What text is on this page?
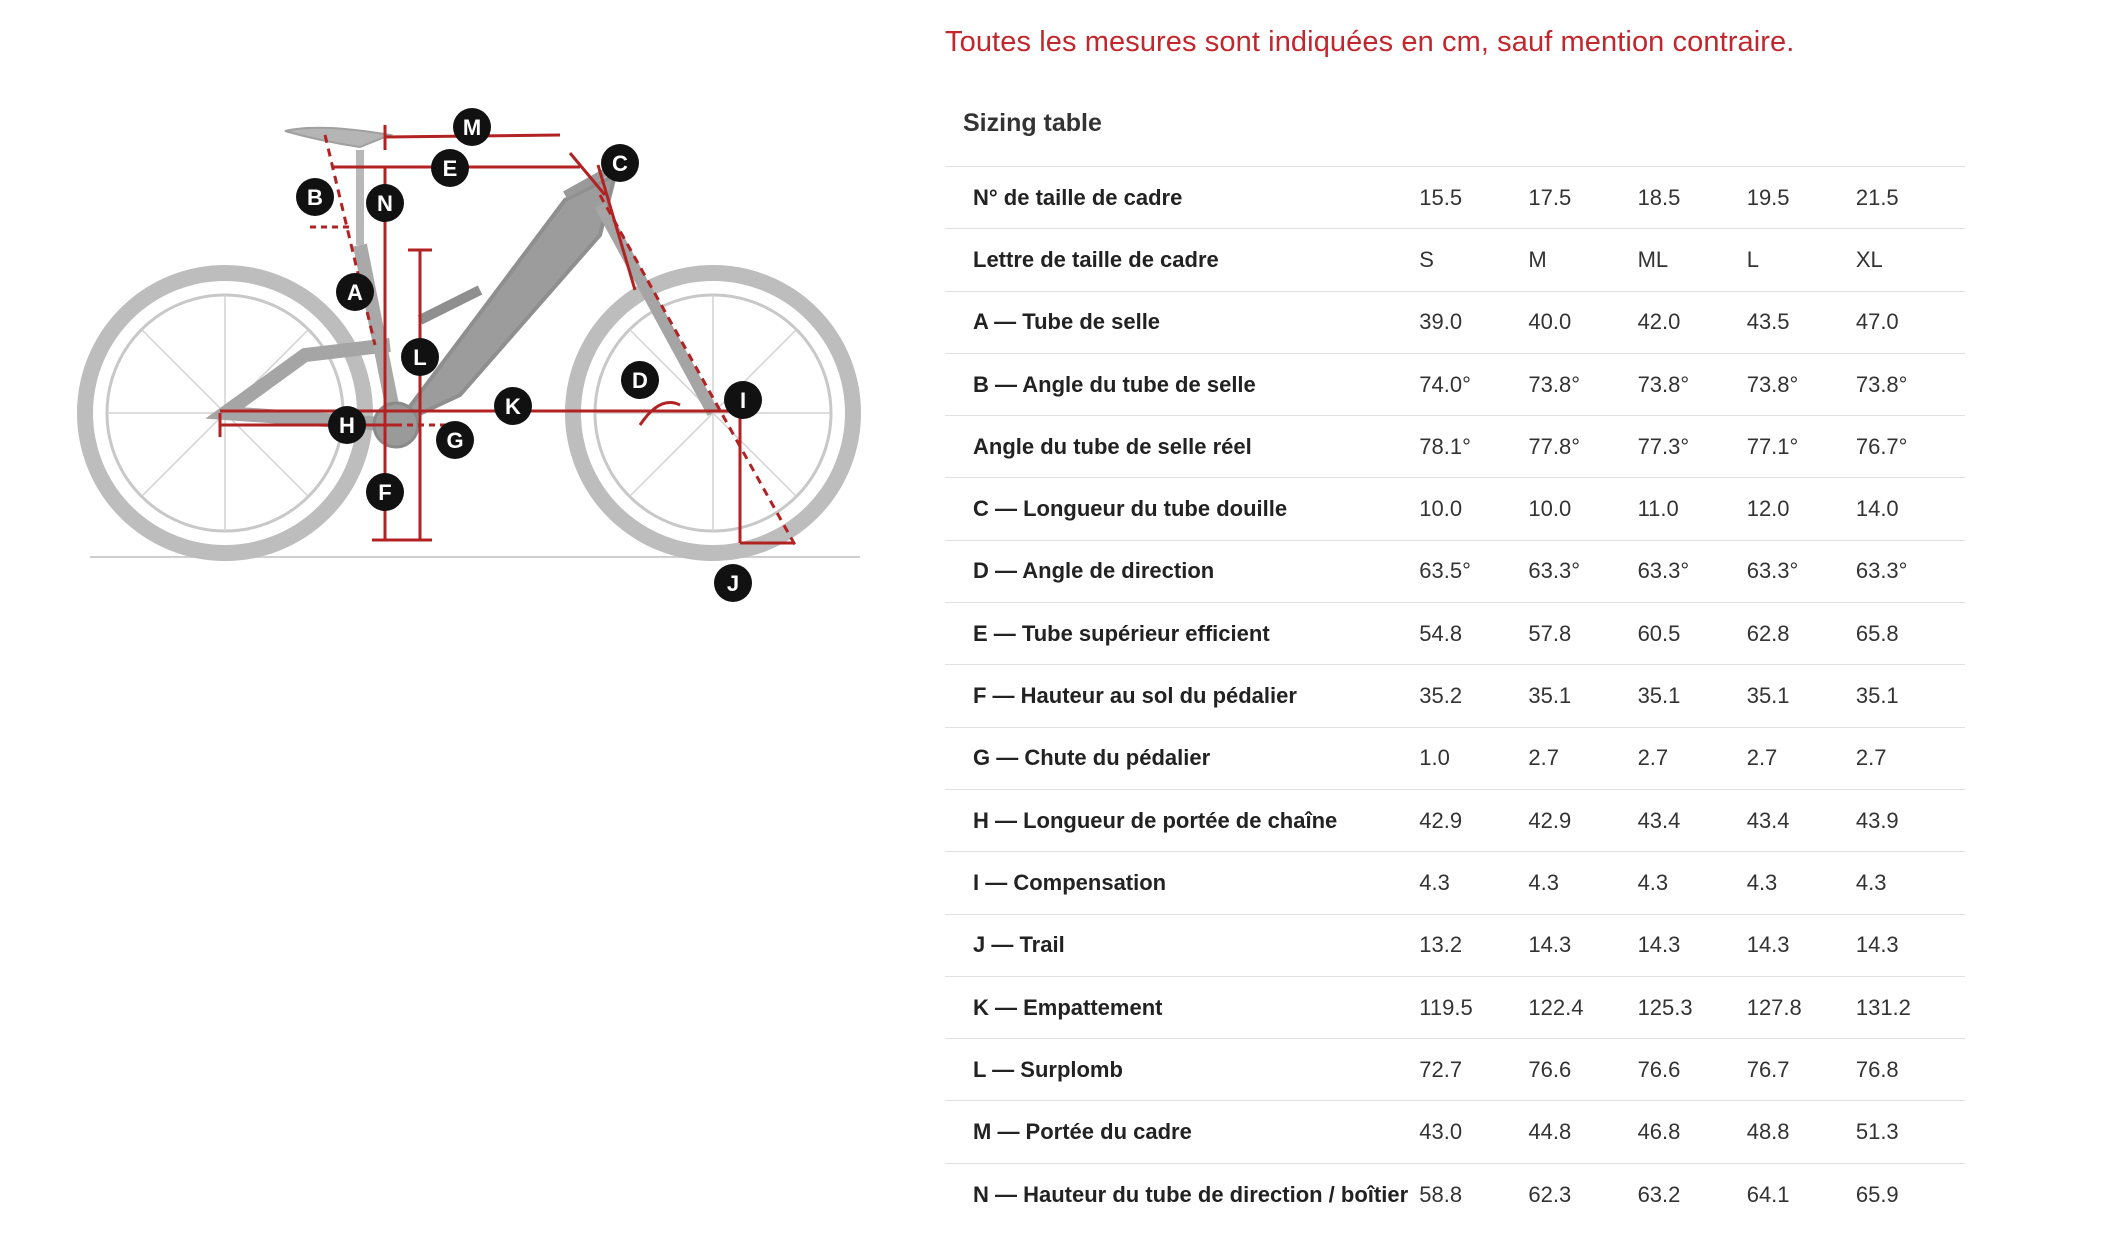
M
E	C
B N
A
L
D
I
K
H
G
F
J
Toutes les mesures sont indiquées en cm, sauf mention contraire.
Sizing table
N° de taille de cadre	15.5	17.5	18.5	19.5	21.5
Lettre de taille de cadre	S	M	ML	L	XL
A — Tube de selle	39.0	40.0	42.0	43.5	47.0
B — Angle du tube de selle	74.0°	73.8°	73.8°	73.8°	73.8°
Angle du tube de selle réel	78.1°	77.8°	77.3°	77.1°	76.7°
C — Longueur du tube douille	10.0	10.0	11.0	12.0	14.0
D — Angle de direction	63.5°	63.3°	63.3°	63.3°	63.3°
E — Tube supérieur efficient	54.8	57.8	60.5	62.8	65.8
F — Hauteur au sol du pédalier	35.2	35.1	35.1	35.1	35.1
G — Chute du pédalier	1.0	2.7	2.7	2.7	2.7
H — Longueur de portée de chaîne	42.9	42.9	43.4	43.4	43.9
I — Compensation	4.3	4.3	4.3	4.3	4.3
J — Trail	13.2	14.3	14.3	14.3	14.3
K — Empattement	119.5	122.4	125.3	127.8	131.2
L — Surplomb	72.7	76.6	76.6	76.7	76.8
M — Portée du cadre	43.0	44.8	46.8	48.8	51.3
N — Hauteur du tube de direction / boîtier 58.8	62.3	63.2	64.1	65.9
